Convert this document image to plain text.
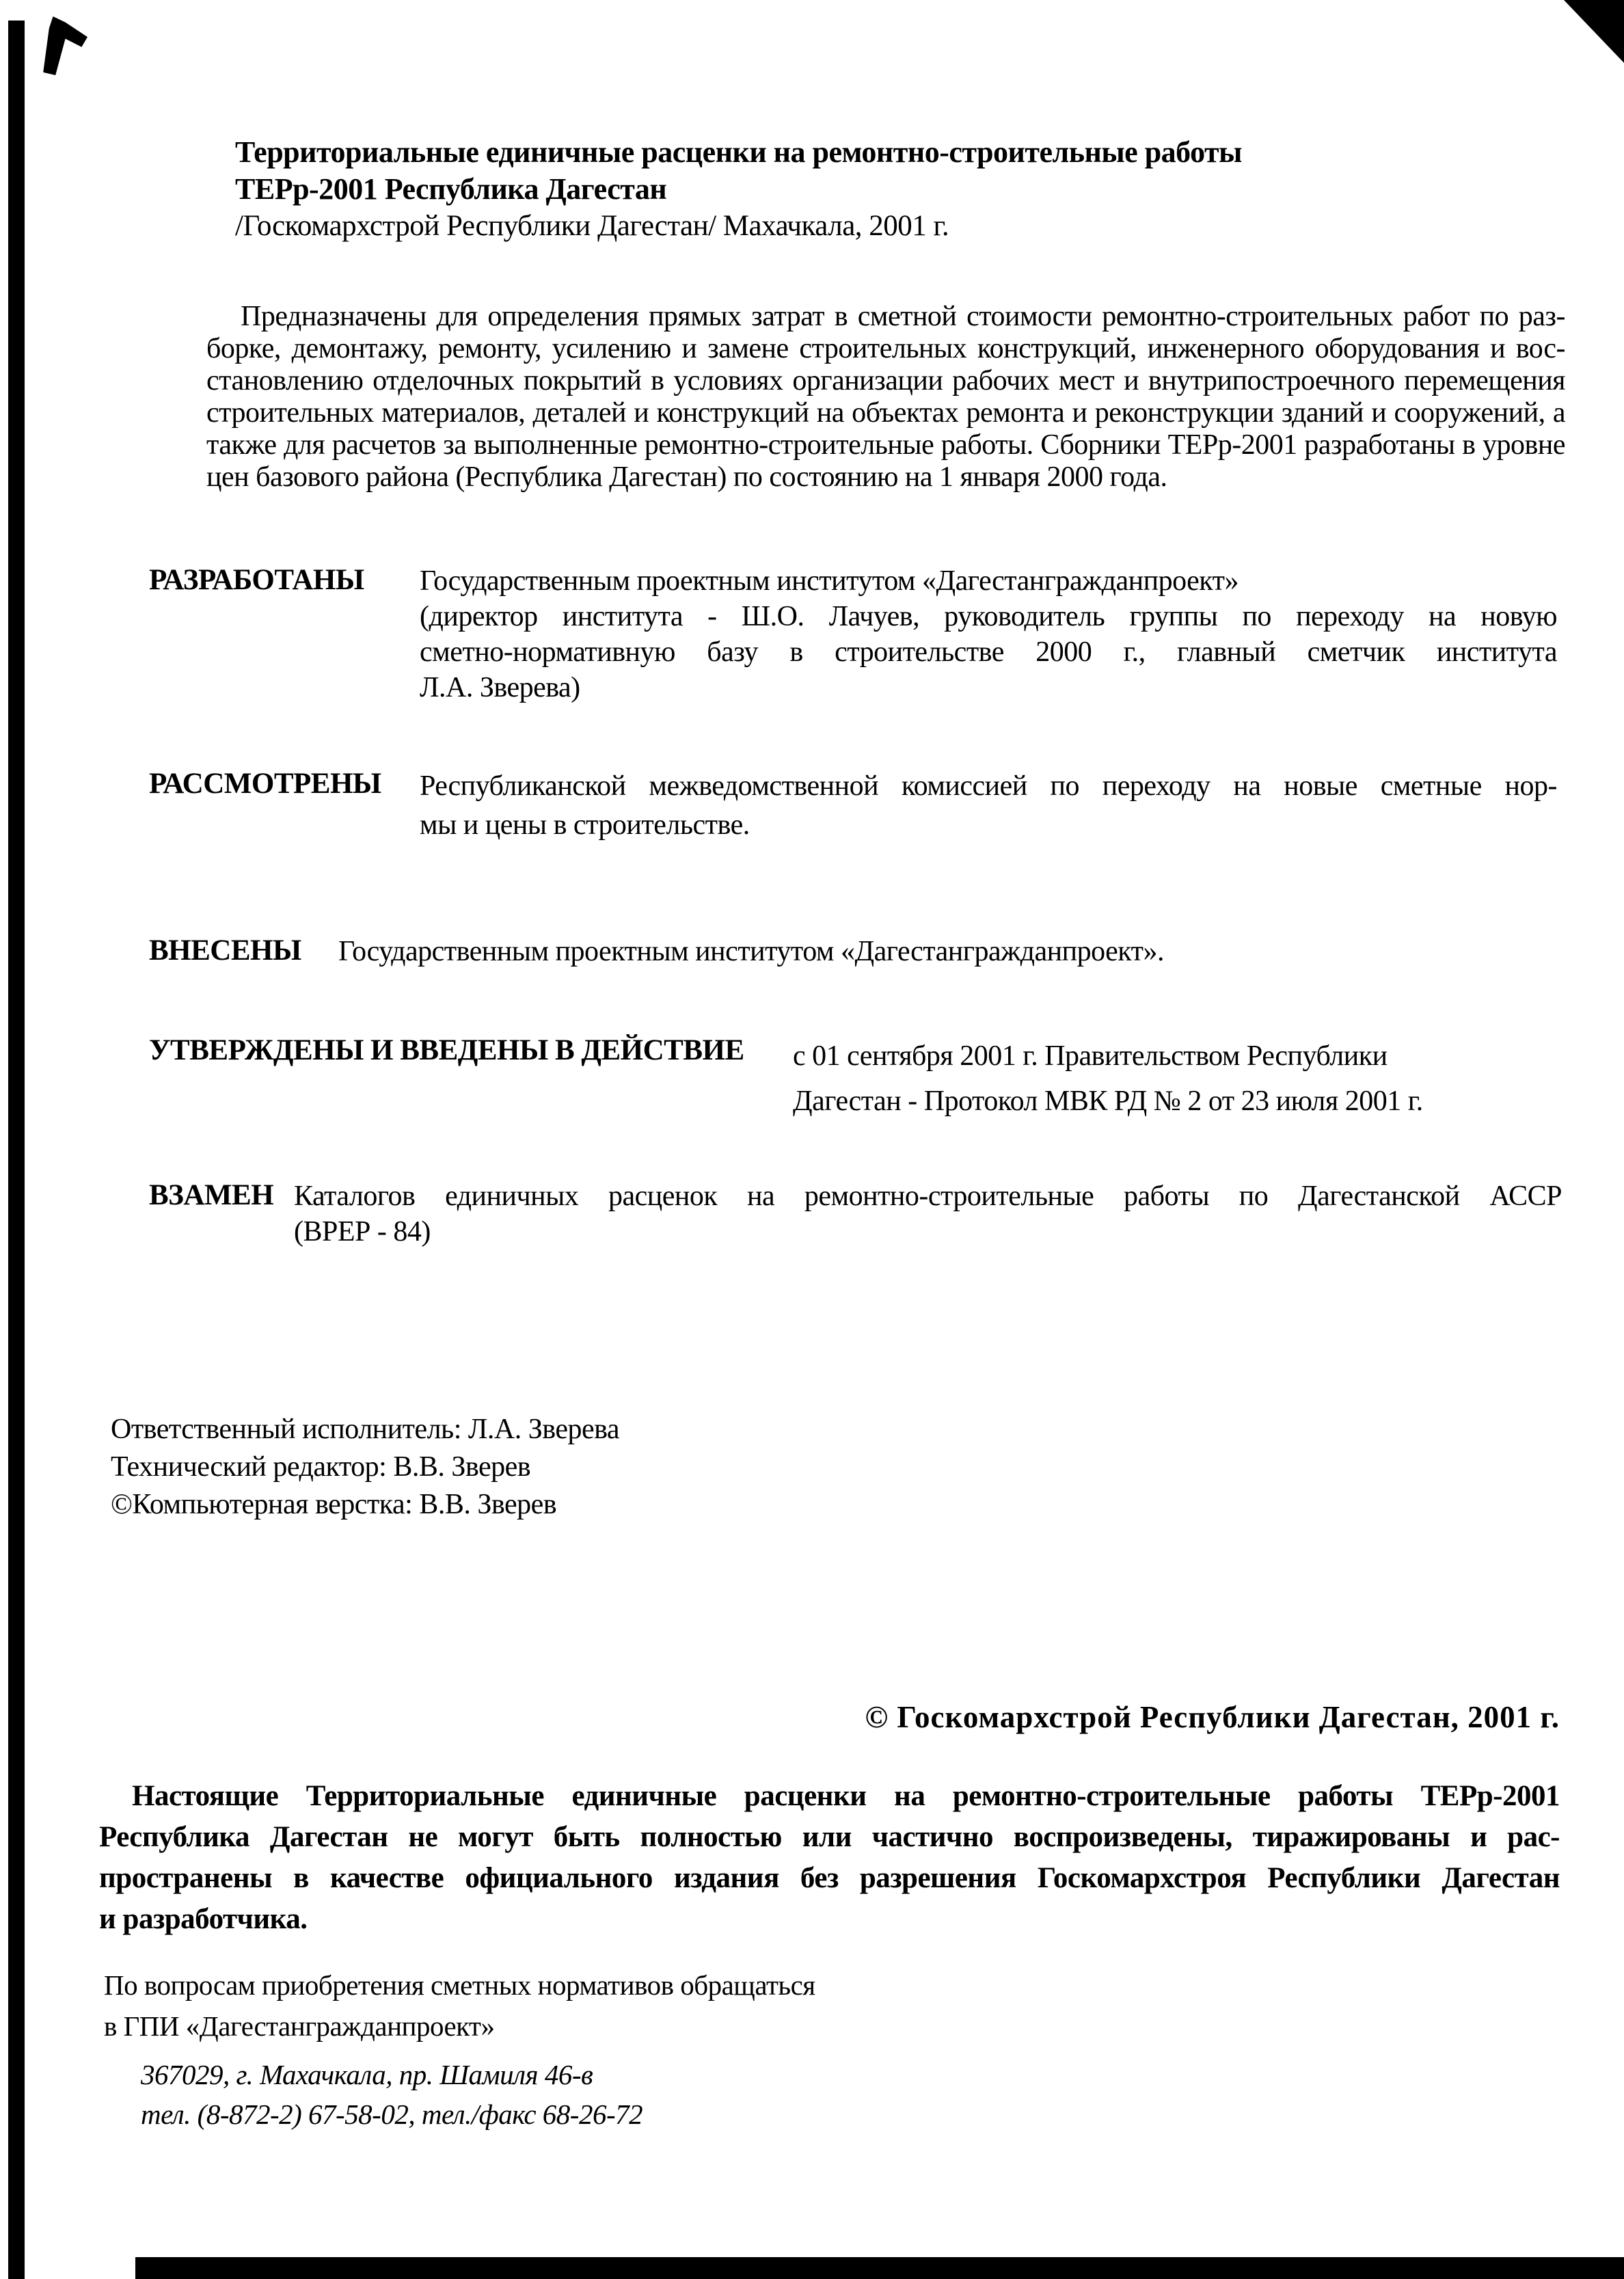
Территориальные единичные расценки на ремонтно-строительные работы
ТЕРр-2001 Республика Дагестан
/Госкомархстрой Республики Дагестан/ Махачкала, 2001 г.
Предназначены для определения прямых затрат в сметной стоимости ремонтно-строительных работ по раз-
борке, демонтажу, ремонту, усилению и замене строительных конструкций, инженерного оборудования и вос-
становлению отделочных покрытий в условиях организации рабочих мест и внутрипостроечного перемещения
строительных материалов, деталей и конструкций на объектах ремонта и реконструкции зданий и сооружений, а
также для расчетов за выполненные ремонтно-строительные работы. Сборники ТЕРр-2001 разработаны в уровне
цен базового района (Республика Дагестан) по состоянию на 1 января 2000 года.
РАЗРАБОТАНЫ Государственным проектным институтом «Дагестангражданпроект»
(директор института - Ш.О. Лачуев, руководитель группы по переходу на новую
сметно-нормативную базу в строительстве 2000 г., главный сметчик института
Л.А. Зверева)
РАССМОТРЕНЫ Республиканской межведомственной комиссией по переходу на новые сметные нор-
мы и цены в строительстве.
ВНЕСЕНЫ Государственным проектным институтом «Дагестангражданпроект».
УТВЕРЖДЕНЫ И ВВЕДЕНЫ В ДЕЙСТВИЕ с 01 сентября 2001 г. Правительством Республики
Дагестан - Протокол МВК РД № 2 от 23 июля 2001 г.
ВЗАМЕН Каталогов единичных расценок на ремонтно-строительные работы по Дагестанской АССР
(ВРЕР - 84)
Ответственный исполнитель: Л.А. Зверева
Технический редактор: В.В. Зверев
©Компьютерная верстка: В.В. Зверев
© Госкомархстрой Республики Дагестан, 2001 г.
Настоящие Территориальные единичные расценки на ремонтно-строительные работы ТЕРр-2001
Республика Дагестан не могут быть полностью или частично воспроизведены, тиражированы и рас-
пространены в качестве официального издания без разрешения Госкомархстроя Республики Дагестан
и разработчика.
По вопросам приобретения сметных нормативов обращаться
в ГПИ «Дагестангражданпроект»
367029, г. Махачкала, пр. Шамиля 46-в
тел. (8-872-2) 67-58-02, тел./факс 68-26-72
